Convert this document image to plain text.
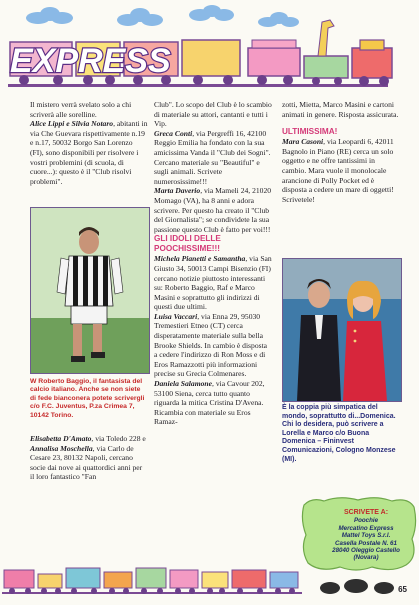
EXPRESS

Il mistero verrà svelato solo a chi scriverà alle sorelline.

Alice Lippi e Silvia Notaro, abitanti in via Che Guevara rispettivamente n.19 e n.17, 50032 Borgo San Lorenzo (FI), sono disponibili per risolvere i vostri problemini (di scuola, di cuore...): questo è il "Club risolvi problemi".

W Roberto Baggio, il fantasista del calcio italiano. Anche se non siete di fede bianconera potete scrivergli c/o F.C. Juventus, P.za Crimea 7, 10142 Torino.

Elisabetta D'Amato, via Toledo 228 e Annalisa Moschella, via Carlo de Cesare 23, 80132 Napoli, cercano socie dai nove ai quattordici anni per il loro fantastico "Fan

Club". Lo scopo del Club è lo scambio di materiale su attori, cantanti e tutti i Vip.

Greca Conti, via Pergreffi 16, 42100 Reggio Emilia ha fondato con la sua amicissima Vanda il "Club dei Sogni". Cercano materiale su "Beautiful" e sugli animali. Scrivete numerosissime!!!

Marta Daverio, via Mameli 24, 21020 Momago (VA), ha 8 anni e adora scrivere. Per questo ha creato il "Club del Giornalista"; se condividete la sua passione questo Club è fatto per voi!!!

GLI IDOLI DELLE POOCHISSIME!!!

Michela Pianetti e Samantha, via San Giusto 34, 50013 Campi Bisenzio (FI) cercano notizie piuttosto interessanti su: Roberto Baggio, Raf e Marco Masini e soprattutto gli indirizzi di questi due ultimi.

Luisa Vaccari, via Enna 29, 95030 Tremestieri Etneo (CT) cerca disperatamente materiale sulla bella Brooke Shields. In cambio è disposta a cedere l'indirizzo di Ron Moss e di Eros Ramazzotti più informazioni precise su Grecia Colmenares.

Daniela Salamone, via Cavour 202, 53100 Siena, cerca tutto quanto riguarda la mitica Cristina D'Avena. Ricambia con materiale su Eros Ramaz-

zotti, Mietta, Marco Masini e cartoni animati in genere. Risposta assicurata.

ULTIMISSIMA!

Mara Casoni, via Leopardi 6, 42011 Bagnolo in Piano (RE) cerca un solo oggetto e ne offre tantissimi in cambio. Mara vuole il monolocale arancione di Polly Pocket ed è disposta a cedere un mare di oggetti! Scrivetele!

È la coppia più simpatica del mondo, soprattutto di...Domenica. Chi lo desidera, può scrivere a Lorella e Marco c/o Buona Domenica – Fininvest Comunicazioni, Cologno Monzese (MI).

SCRIVETE A:
Poochie
Mercatino Express
Mattel Toys S.r.l.
Casella Postale N. 61
28040 Oleggio Castello
(Novara)
65
